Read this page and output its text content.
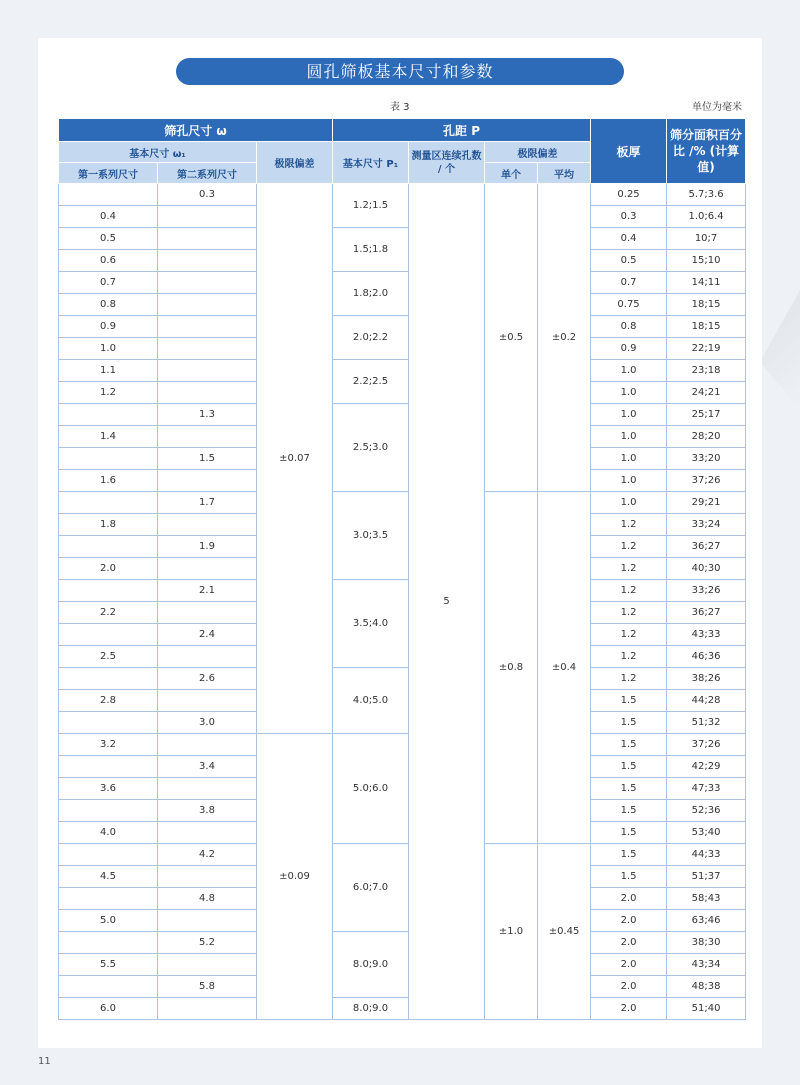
圆孔筛板基本尺寸和参数
表 3	单位为毫米
筛孔尺寸 ω			孔距 P				板厚	筛分面积百分比 /% (计算值)
基本尺寸 ω₁		极限偏差	基本尺寸 P₁	测量区连续孔数 / 个	极限偏差			
第一系列尺寸	第二系列尺寸				单个	平均		
	0.3	±0.07	1.2;1.5	5	±0.5	±0.2	0.25	5.7;3.6
0.4							0.3	1.0;6.4
0.5			1.5;1.8				0.4	10;7
0.6							0.5	15;10
0.7			1.8;2.0				0.7	14;11
0.8							0.75	18;15
0.9			2.0;2.2				0.8	18;15
1.0							0.9	22;19
1.1			2.2;2.5				1.0	23;18
1.2							1.0	24;21
	1.3		2.5;3.0				1.0	25;17
1.4							1.0	28;20
	1.5						1.0	33;20
1.6							1.0	37;26
	1.7		3.0;3.5		±0.8	±0.4	1.0	29;21
1.8							1.2	33;24
	1.9						1.2	36;27
2.0							1.2	40;30
	2.1		3.5;4.0				1.2	33;26
2.2							1.2	36;27
	2.4						1.2	43;33
2.5							1.2	46;36
	2.6		4.0;5.0				1.2	38;26
2.8							1.5	44;28
	3.0						1.5	51;32
3.2		±0.09	5.0;6.0				1.5	37;26
	3.4						1.5	42;29
3.6							1.5	47;33
	3.8						1.5	52;36
4.0							1.5	53;40
	4.2		6.0;7.0		±1.0	±0.45	1.5	44;33
4.5							1.5	51;37
	4.8						2.0	58;43
5.0							2.0	63;46
	5.2		8.0;9.0				2.0	38;30
5.5							2.0	43;34
	5.8						2.0	48;38
6.0			8.0;9.0				2.0	51;40
11
